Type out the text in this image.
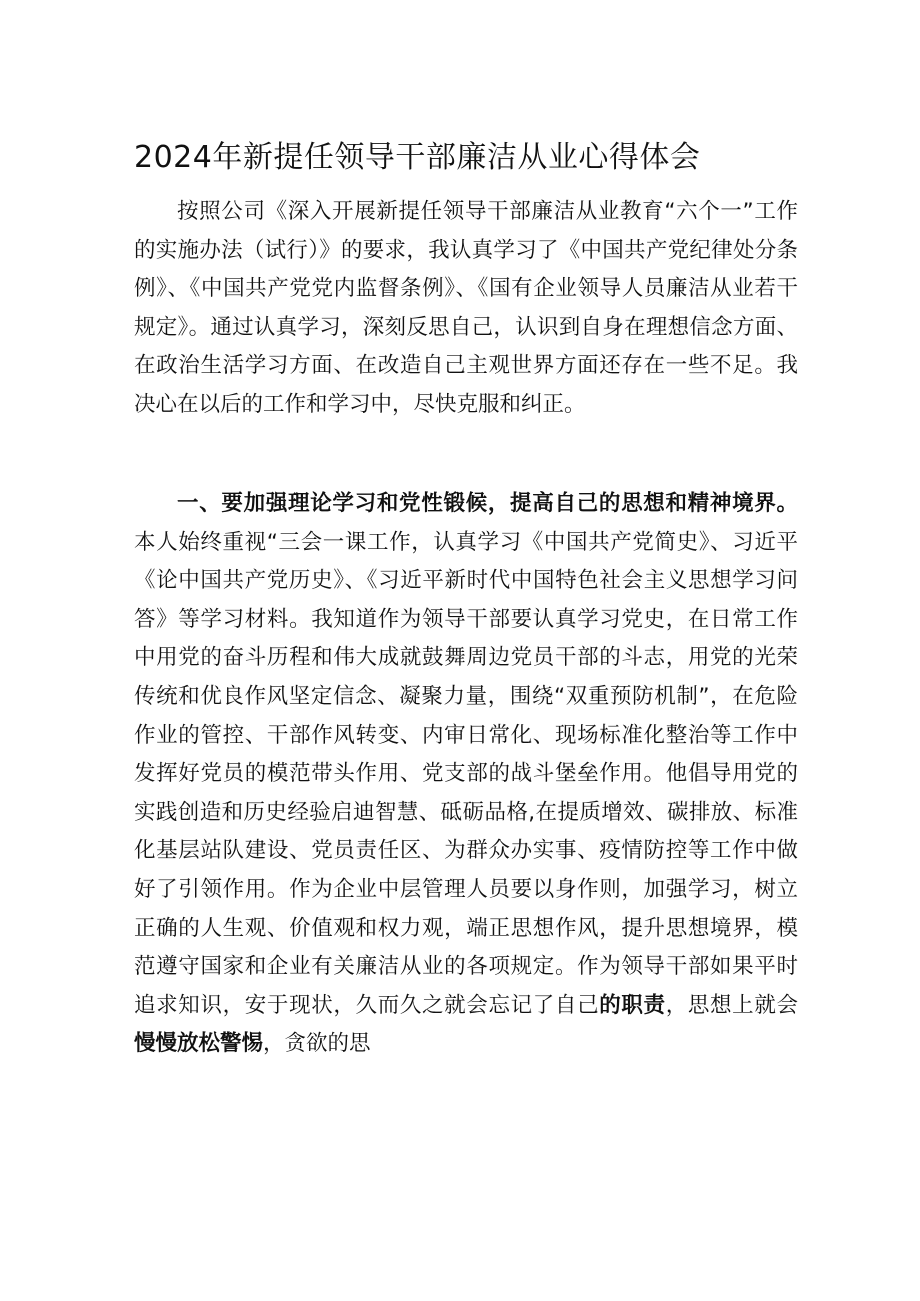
2024年新提任领导干部廉洁从业心得体会

按照公司《深入开展新提任领导干部廉洁从业教育“六个一”工作的实施办法（试行）》的要求，我认真学习了《中国共产党纪律处分条例》、《中国共产党党内监督条例》、《国有企业领导人员廉洁从业若干规定》。通过认真学习，深刻反思自己，认识到自身在理想信念方面、在政治生活学习方面、在改造自己主观世界方面还存在一些不足。我决心在以后的工作和学习中，尽快克服和纠正。

一、要加强理论学习和党性锻候，提高自己的思想和精神境界。本人始终重视“三会一课工作，认真学习《中国共产党简史》、习近平《论中国共产党历史》、《习近平新时代中国特色社会主义思想学习问答》等学习材料。我知道作为领导干部要认真学习党史，在日常工作中用党的奋斗历程和伟大成就鼓舞周边党员干部的斗志，用党的光荣传统和优良作风坚定信念、凝聚力量，围绕“双重预防机制”，在危险作业的管控、干部作风转变、内审日常化、现场标准化整治等工作中发挥好党员的模范带头作用、党支部的战斗堡垒作用。他倡导用党的实践创造和历史经验启迪智慧、砥砺品格,在提质增效、碳排放、标准化基层站队建设、党员责任区、为群众办实事、疫情防控等工作中做好了引领作用。作为企业中层管理人员要以身作则，加强学习，树立正确的人生观、价值观和权力观，端正思想作风，提升思想境界，模范遵守国家和企业有关廉洁从业的各项规定。作为领导干部如果平时追求知识，安于现状，久而久之就会忘记了自己的职责，思想上就会慢慢放松警惕，贪欲的思
